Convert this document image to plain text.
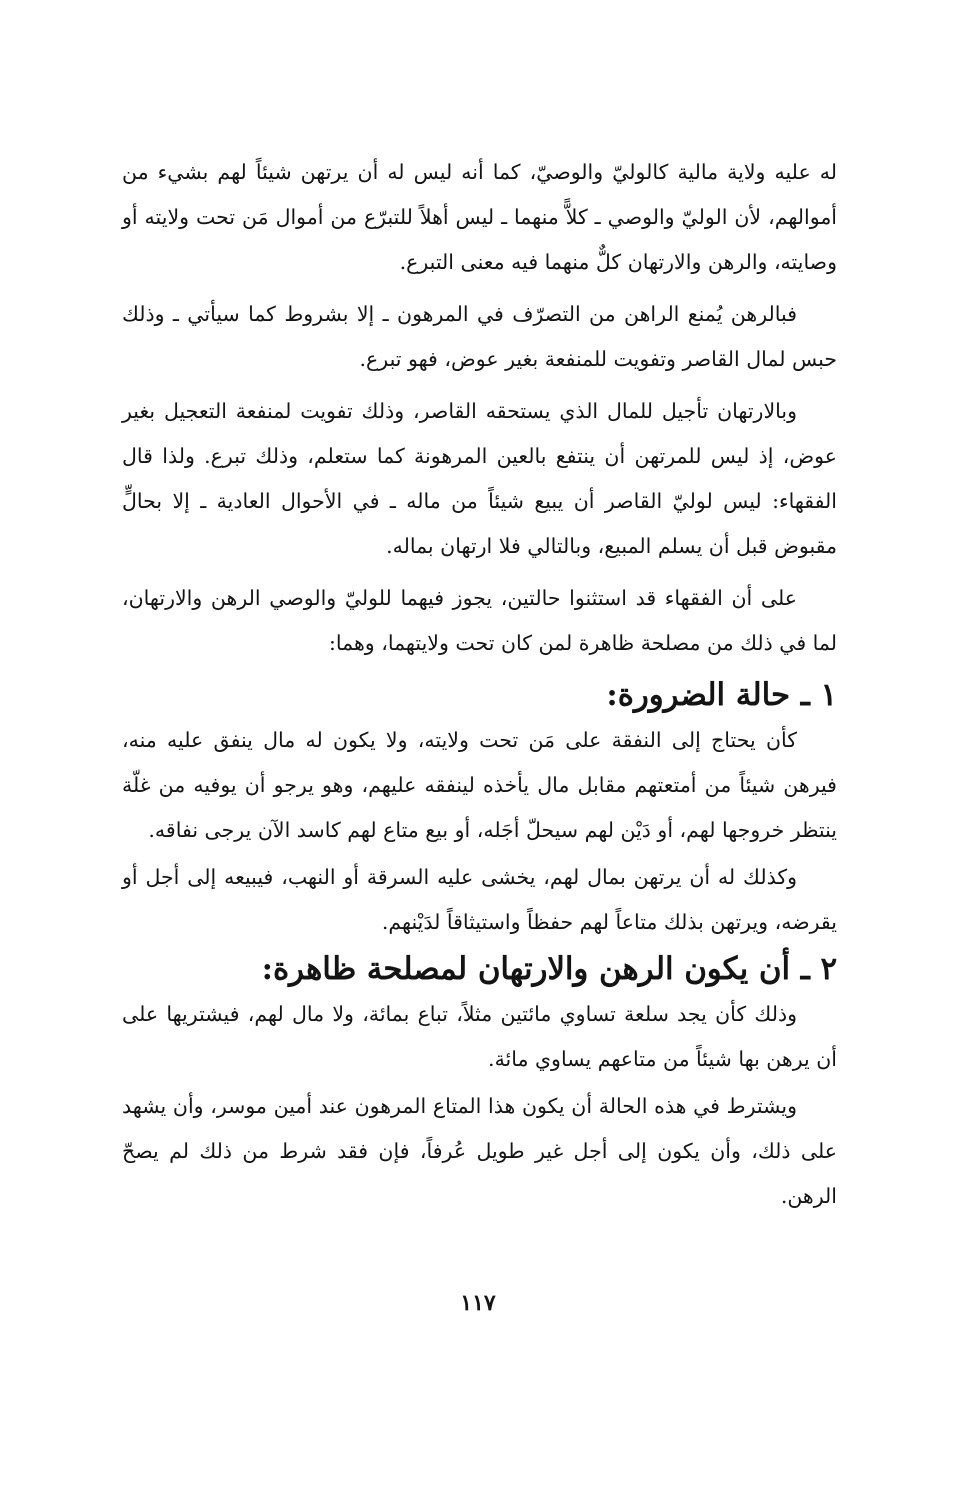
له عليه ولاية مالية كالوليّ والوصيّ، كما أنه ليس له أن يرتهن شيئاً لهم بشيء من أموالهم، لأن الوليّ والوصي ـ كلاًّ منهما ـ ليس أهلاً للتبرّع من أموال مَن تحت ولايته أو وصايته، والرهن والارتهان كلٌّ منهما فيه معنى التبرع.

فبالرهن يُمنع الراهن من التصرّف في المرهون ـ إلا بشروط كما سيأتي ـ وذلك حبس لمال القاصر وتفويت للمنفعة بغير عوض، فهو تبرع.

وبالارتهان تأجيل للمال الذي يستحقه القاصر، وذلك تفويت لمنفعة التعجيل بغير عوض، إذ ليس للمرتهن أن ينتفع بالعين المرهونة كما ستعلم، وذلك تبرع. ولذا قال الفقهاء: ليس لوليّ القاصر أن يبيع شيئاً من ماله ـ في الأحوال العادية ـ إلا بحالٍّ مقبوض قبل أن يسلم المبيع، وبالتالي فلا ارتهان بماله.

على أن الفقهاء قد استثنوا حالتين، يجوز فيهما للوليّ والوصي الرهن والارتهان، لما في ذلك من مصلحة ظاهرة لمن كان تحت ولايتهما، وهما:

١ ـ حالة الضرورة:

كأن يحتاج إلى النفقة على مَن تحت ولايته، ولا يكون له مال ينفق عليه منه، فيرهن شيئاً من أمتعتهم مقابل مال يأخذه لينفقه عليهم، وهو يرجو أن يوفيه من غلّة ينتظر خروجها لهم، أو دَيْن لهم سيحلّ أجَله، أو بيع متاع لهم كاسد الآن يرجى نفاقه.

وكذلك له أن يرتهن بمال لهم، يخشى عليه السرقة أو النهب، فيبيعه إلى أجل أو يقرضه، ويرتهن بذلك متاعاً لهم حفظاً واستيثاقاً لدَيْنهم.

٢ ـ أن يكون الرهن والارتهان لمصلحة ظاهرة:

وذلك كأن يجد سلعة تساوي مائتين مثلاً، تباع بمائة، ولا مال لهم، فيشتريها على أن يرهن بها شيئاً من متاعهم يساوي مائة.

ويشترط في هذه الحالة أن يكون هذا المتاع المرهون عند أمين موسر، وأن يشهد على ذلك، وأن يكون إلى أجل غير طويل عُرفاً، فإن فقد شرط من ذلك لم يصحّ الرهن.

١١٧
